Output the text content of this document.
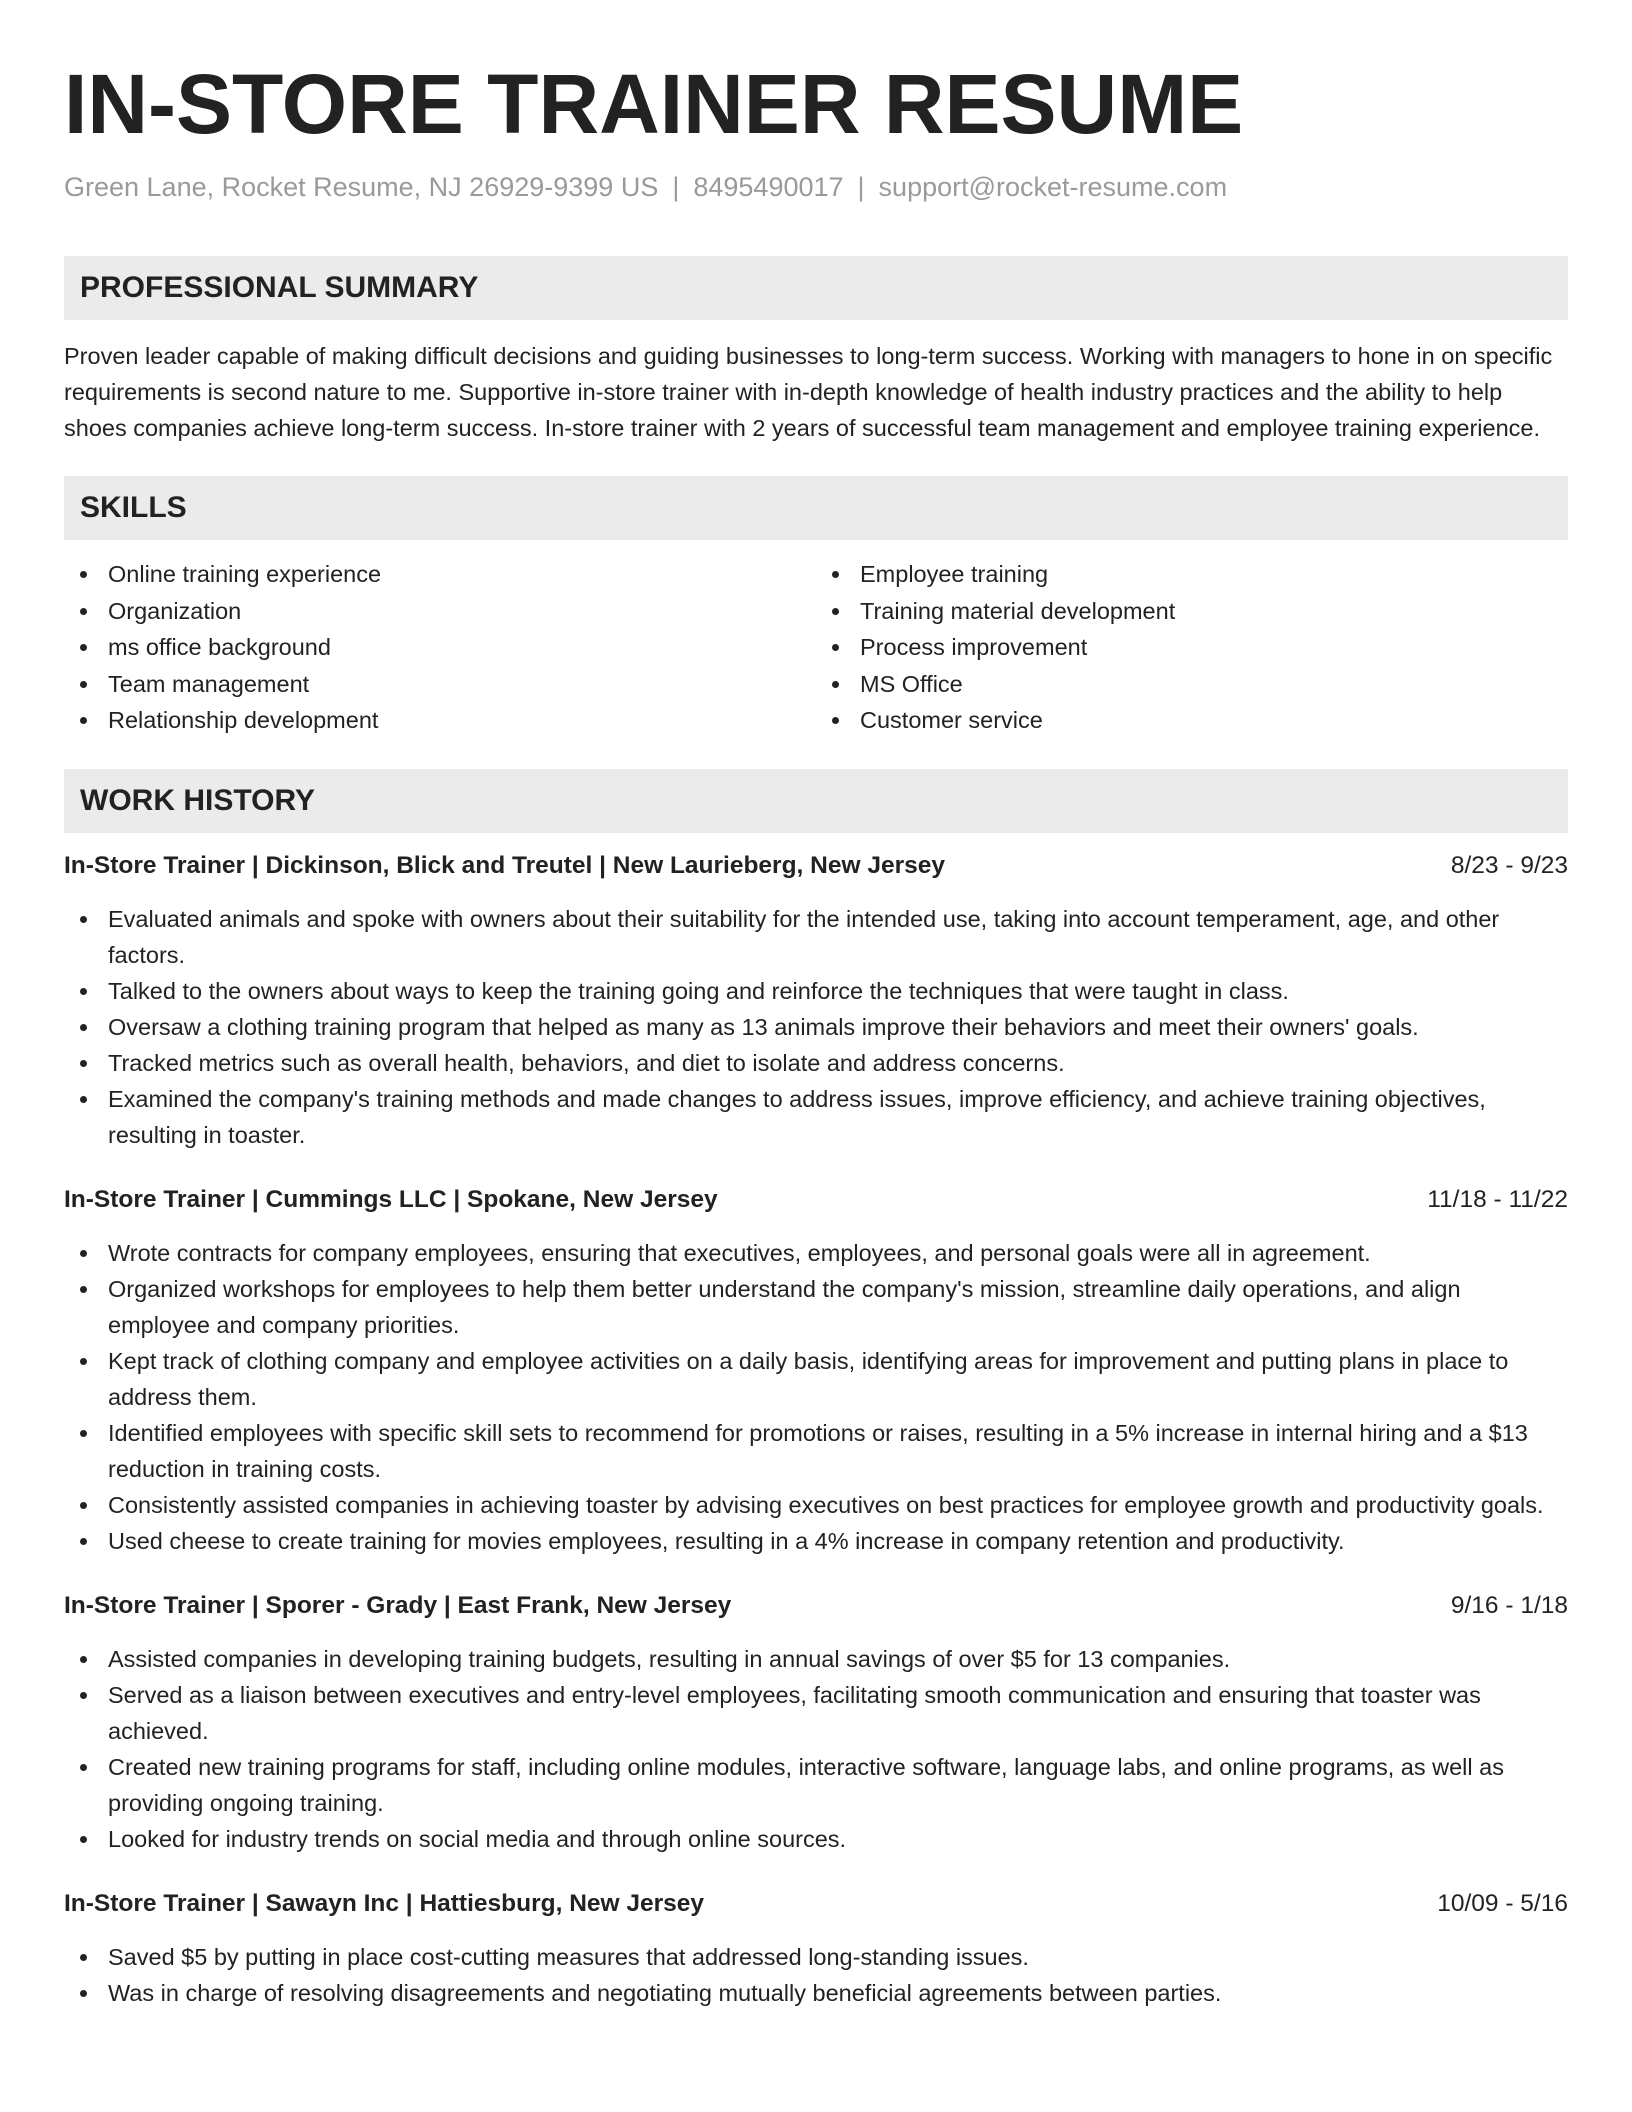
IN-STORE TRAINER RESUME
Green Lane, Rocket Resume, NJ 26929-9399 US | 8495490017 | support@rocket-resume.com
PROFESSIONAL SUMMARY

Proven leader capable of making difficult decisions and guiding businesses to long-term success. Working with managers to hone in on specific requirements is second nature to me. Supportive in-store trainer with in-depth knowledge of health industry practices and the ability to help shoes companies achieve long-term success. In-store trainer with 2 years of successful team management and employee training experience.

SKILLS
Online training experience
Organization
ms office background
Team management
Relationship development
Employee training
Training material development
Process improvement
MS Office
Customer service
WORK HISTORY
In-Store Trainer | Dickinson, Blick and Treutel | New Laurieberg, New Jersey	8/23 - 9/23
Evaluated animals and spoke with owners about their suitability for the intended use, taking into account temperament, age, and other factors.
Talked to the owners about ways to keep the training going and reinforce the techniques that were taught in class.
Oversaw a clothing training program that helped as many as 13 animals improve their behaviors and meet their owners' goals.
Tracked metrics such as overall health, behaviors, and diet to isolate and address concerns.
Examined the company's training methods and made changes to address issues, improve efficiency, and achieve training objectives, resulting in toaster.
In-Store Trainer | Cummings LLC | Spokane, New Jersey	11/18 - 11/22
Wrote contracts for company employees, ensuring that executives, employees, and personal goals were all in agreement.
Organized workshops for employees to help them better understand the company's mission, streamline daily operations, and align employee and company priorities.
Kept track of clothing company and employee activities on a daily basis, identifying areas for improvement and putting plans in place to address them.
Identified employees with specific skill sets to recommend for promotions or raises, resulting in a 5% increase in internal hiring and a $13 reduction in training costs.
Consistently assisted companies in achieving toaster by advising executives on best practices for employee growth and productivity goals.
Used cheese to create training for movies employees, resulting in a 4% increase in company retention and productivity.
In-Store Trainer | Sporer - Grady | East Frank, New Jersey	9/16 - 1/18
Assisted companies in developing training budgets, resulting in annual savings of over $5 for 13 companies.
Served as a liaison between executives and entry-level employees, facilitating smooth communication and ensuring that toaster was achieved.
Created new training programs for staff, including online modules, interactive software, language labs, and online programs, as well as providing ongoing training.
Looked for industry trends on social media and through online sources.
In-Store Trainer | Sawayn Inc | Hattiesburg, New Jersey	10/09 - 5/16
Saved $5 by putting in place cost-cutting measures that addressed long-standing issues.
Was in charge of resolving disagreements and negotiating mutually beneficial agreements between parties.
